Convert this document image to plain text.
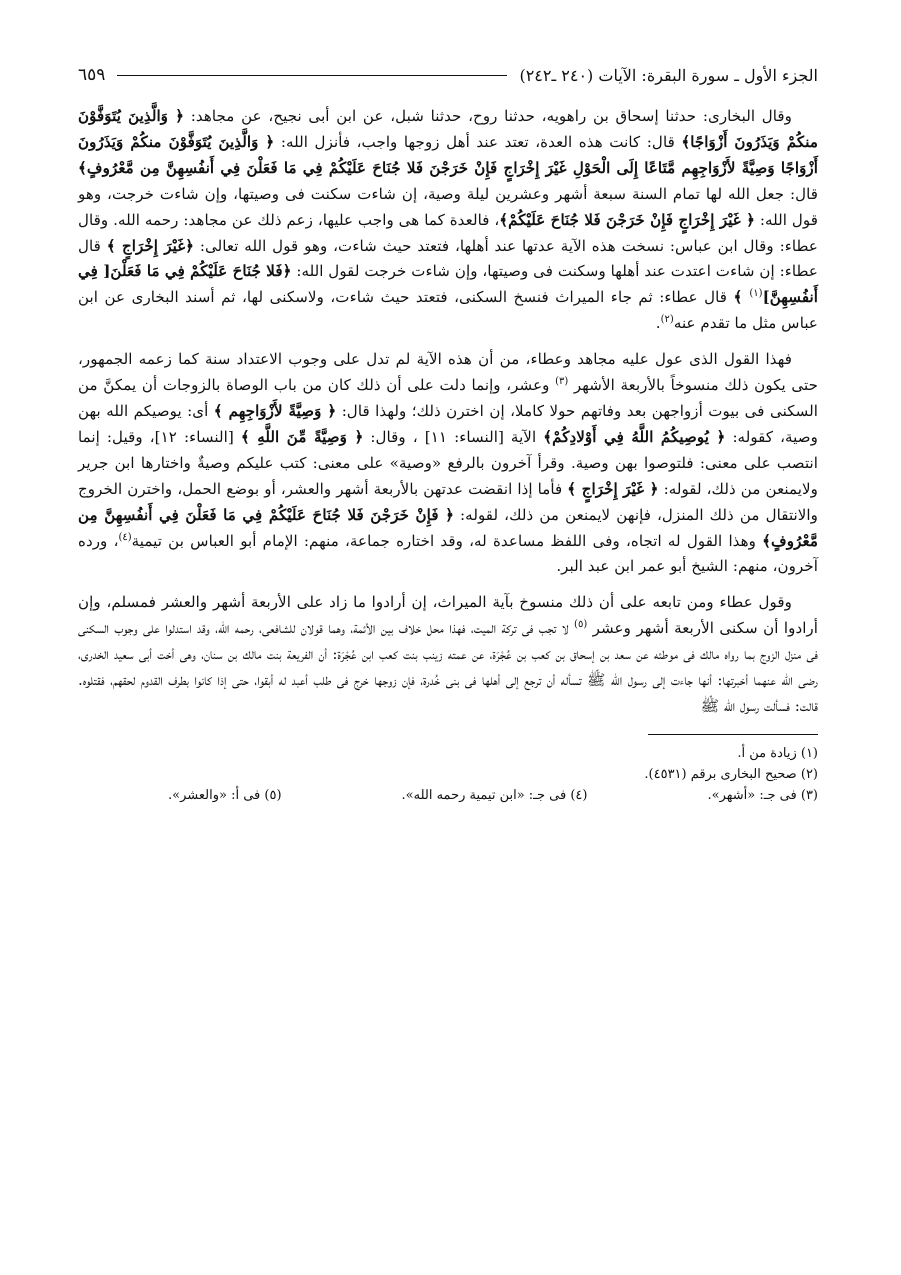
الجزء الأول ـ سورة البقرة: الآيات (٢٤٠ ـ٢٤٢)
٦٥٩

وقال البخارى: حدثنا إسحاق بن راهويه، حدثنا روح، حدثنا شبل، عن ابن أبى نجيح، عن مجاهد: ﴿ وَالَّذِينَ يُتَوَفَّوْنَ منكُمْ وَيَذَرُونَ أَزْوَاجًا﴾ قال: كانت هذه العدة، تعتد عند أهل زوجها واجب، فأنزل الله: ﴿ وَالَّذِينَ يُتَوَفَّوْنَ منكُمْ وَيَذَرُونَ أَزْوَاجًا وَصِيَّةً لأَزْوَاجِهِم مَّتَاعًا إِلَى الْحَوْلِ غَيْرَ إِخْرَاجٍ فَإِنْ خَرَجْنَ فَلا جُنَاحَ عَلَيْكُمْ فِي مَا فَعَلْنَ فِي أَنفُسِهِنَّ مِن مَّعْرُوفٍ﴾ قال: جعل الله لها تمام السنة سبعة أشهر وعشرين ليلة وصية، إن شاءت سكنت فى وصيتها، وإن شاءت خرجت، وهو قول الله: ﴿ غَيْرَ إِخْرَاجٍ فَإِنْ خَرَجْنَ فَلا جُنَاحَ عَلَيْكُمْ﴾، فالعدة كما هى واجب عليها، زعم ذلك عن مجاهد: رحمه الله. وقال عطاء: وقال ابن عباس: نسخت هذه الآية عدتها عند أهلها، فتعتد حيث شاءت، وهو قول الله تعالى: ﴿غَيْرَ إِخْرَاجٍ ﴾ قال عطاء: إن شاءت اعتدت عند أهلها وسكنت فى وصيتها، وإن شاءت خرجت لقول الله: ﴿فَلا جُنَاحَ عَلَيْكُمْ فِي مَا فَعَلْنَ[ فِي أَنفُسِهِنَّ]$^{(١)}$ ﴾ قال عطاء: ثم جاء الميراث فنسخ السكنى، فتعتد حيث شاءت، ولاسكنى لها، ثم أسند البخارى عن ابن عباس مثل ما تقدم عنه$^{(٢)}$.

فهذا القول الذى عول عليه مجاهد وعطاء، من أن هذه الآية لم تدل على وجوب الاعتداد سنة كما زعمه الجمهور، حتى يكون ذلك منسوخاً بالأربعة الأشهر $^{(٣)}$ وعشر، وإنما دلت على أن ذلك كان من باب الوصاة بالزوجات أن يمكنَّ من السكنى فى بيوت أزواجهن بعد وفاتهم حولا كاملا، إن اخترن ذلك؛ ولهذا قال: ﴿ وَصِيَّةً لأَزْوَاجِهِم ﴾ أى: يوصيكم الله بهن وصية، كقوله: ﴿ يُوصِيكُمُ اللَّهُ فِي أَوْلادِكُمْ﴾ الآية [النساء: ١١] ، وقال: ﴿ وَصِيَّةً مِّنَ اللَّهِ ﴾ [النساء: ١٢]، وقيل: إنما انتصب على معنى: فلتوصوا بهن وصية. وقرأ آخرون بالرفع «وصية» على معنى: كتب عليكم وصيةٌ واختارها ابن جرير ولايمنعن من ذلك، لقوله: ﴿ غَيْرَ إِخْرَاجٍ ﴾ فأما إذا انقضت عدتهن بالأربعة أشهر والعشر، أو بوضع الحمل، واخترن الخروج والانتقال من ذلك المنزل، فإنهن لايمنعن من ذلك، لقوله: ﴿ فَإِنْ خَرَجْنَ فَلا جُنَاحَ عَلَيْكُمْ فِي مَا فَعَلْنَ فِي أَنفُسِهِنَّ مِن مَّعْرُوفٍ﴾ وهذا القول له اتجاه، وفى اللفظ مساعدة له، وقد اختاره جماعة، منهم: الإمام أبو العباس بن تيمية$^{(٤)}$، ورده آخرون، منهم: الشيخ أبو عمر ابن عبد البر.

وقول عطاء ومن تابعه على أن ذلك منسوخ بآية الميراث، إن أرادوا ما زاد على الأربعة أشهر والعشر فمسلم، وإن أرادوا أن سكنى الأربعة أشهر وعشر $^{(٥)}$ لا تجب فى تركة الميت، فهذا محل خلاف بين الأئمة، وهما قولان للشافعى، رحمه الله، وقد استدلوا على وجوب السكنى فى منزل الزوج بما رواه مالك فى موطئه عن سعد بن إسحاق بن كعب بن عُجْرَة، عن عمته زينب بنت كعب ابن عُجْرَة: أن الفريعة بنت مالك بن سنان، وهى أخت أبى سعيد الخدرى، رضى الله عنهما أخبرتها: أنها جاءت إلى رسول الله ﷺ تسأله أن ترجع إلى أهلها فى بنى خُدرة، فإن زوجها خرج فى طلب أعبد له أبقوا، حتى إذا كانوا بطرف القدوم لحقهم، فقتلوه. قالت: فسألت رسول الله ﷺ

(١) زيادة من أ.
(٢) صحيح البخارى برقم (٤٥٣١).
(٣) فى جـ: «أشهر».
(٤) فى جـ: «ابن تيمية رحمه الله».
(٥) فى أ: «والعشر».
